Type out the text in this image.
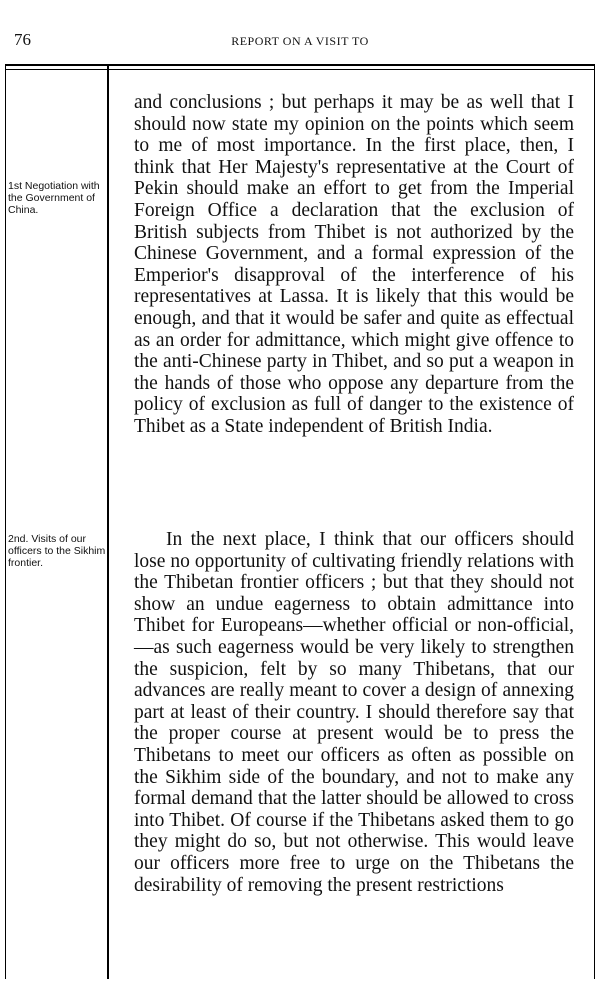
76	REPORT ON A VISIT TO
1st Negotiation with the Government of China.
2nd. Visits of our officers to the Sikhim frontier.

and conclusions ; but perhaps it may be as well that I should now state my opinion on the points which seem to me of most importance. In the first place, then, I think that Her Majesty's representative at the Court of Pekin should make an effort to get from the Imperial Foreign Office a declaration that the exclusion of British subjects from Thibet is not authorized by the Chinese Government, and a formal expression of the Emperior's disapproval of the interference of his representatives at Lassa. It is likely that this would be enough, and that it would be safer and quite as effectual as an order for admittance, which might give offence to the anti-Chinese party in Thibet, and so put a weapon in the hands of those who oppose any departure from the policy of exclusion as full of danger to the existence of Thibet as a State independent of British India.

In the next place, I think that our officers should lose no opportunity of cultivating friendly relations with the Thibetan frontier officers ; but that they should not show an undue eagerness to obtain admittance into Thibet for Europeans—whether official or non-official,—as such eagerness would be very likely to strengthen the suspicion, felt by so many Thibetans, that our advances are really meant to cover a design of annexing part at least of their country. I should therefore say that the proper course at present would be to press the Thibetans to meet our officers as often as possible on the Sikhim side of the boundary, and not to make any formal demand that the latter should be allowed to cross into Thibet. Of course if the Thibetans asked them to go they might do so, but not otherwise. This would leave our officers more free to urge on the Thibetans the desirability of removing the present restrictions
